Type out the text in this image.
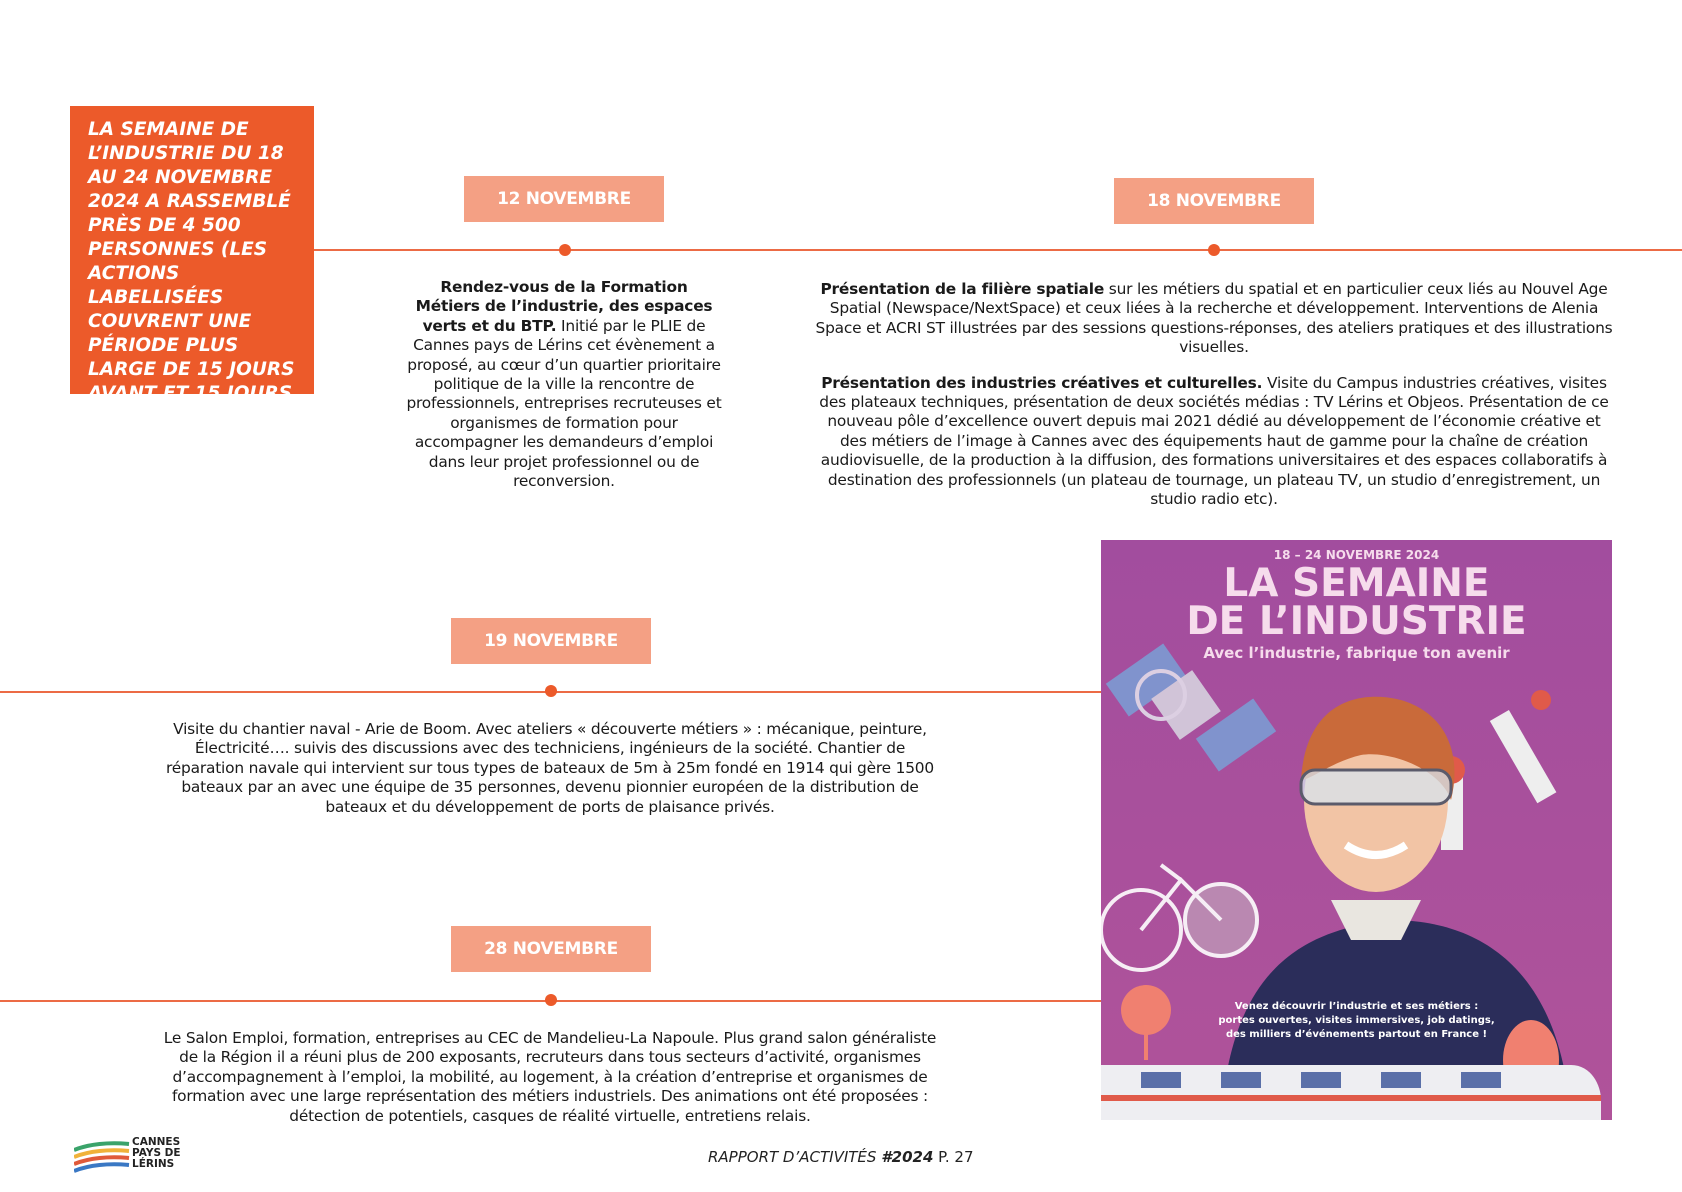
LA SEMAINE DE L’INDUSTRIE DU 18 AU 24 NOVEMBRE 2024 A RASSEMBLÉ PRÈS DE 4 500 PERSONNES (LES ACTIONS LABELLISÉES COUVRENT UNE PÉRIODE PLUS LARGE DE 15 JOURS AVANT ET 15 JOURS APRÈS)
12 NOVEMBRE

Rendez-vous de la Formation Métiers de l’industrie, des espaces verts et du BTP. Initié par le PLIE de Cannes pays de Lérins cet évènement a proposé, au cœur d’un quartier prioritaire politique de la ville la rencontre de professionnels, entreprises recruteuses et organismes de formation pour accompagner les demandeurs d’emploi dans leur projet professionnel ou de reconversion.

18 NOVEMBRE

Présentation de la filière spatiale sur les métiers du spatial et en particulier ceux liés au Nouvel Age Spatial (Newspace/NextSpace) et ceux liées à la recherche et développement. Interventions de Alenia Space et ACRI ST illustrées par des sessions questions-réponses, des ateliers pratiques et des illustrations visuelles.

Présentation des industries créatives et culturelles. Visite du Campus industries créatives, visites des plateaux techniques, présentation de deux sociétés médias : TV Lérins et Objeos. Présentation de ce nouveau pôle d’excellence ouvert depuis mai 2021 dédié au développement de l’économie créative et des métiers de l’image à Cannes avec des équipements haut de gamme pour la chaîne de création audiovisuelle, de la production à la diffusion, des formations universitaires et des espaces collaboratifs à destination des professionnels (un plateau de tournage, un plateau TV, un studio d’enregistrement, un studio radio etc).

19 NOVEMBRE

Visite du chantier naval - Arie de Boom. Avec ateliers « découverte métiers » : mécanique, peinture, Électricité…. suivis des discussions avec des techniciens, ingénieurs de la société. Chantier de réparation navale qui intervient sur tous types de bateaux de 5m à 25m fondé en 1914 qui gère 1500 bateaux par an avec une équipe de 35 personnes, devenu pionnier européen de la distribution de bateaux et du développement de ports de plaisance privés.

28 NOVEMBRE

Le Salon Emploi, formation, entreprises au CEC de Mandelieu-La Napoule. Plus grand salon généraliste de la Région il a réuni plus de 200 exposants, recruteurs dans tous secteurs d’activité, organismes d’accompagnement à l’emploi, la mobilité, au logement, à la création d’entreprise et organismes de formation avec une large représentation des métiers industriels. Des animations ont été proposées : détection de potentiels, casques de réalité virtuelle, entretiens relais.

18 – 24 NOVEMBRE 2024
LA SEMAINE
DE L’INDUSTRIE
Avec l’industrie, fabrique ton avenir
Venez découvrir l’industrie et ses métiers :
portes ouvertes, visites immersives, job datings,
des milliers d’événements partout en France !
CANNES
PAYS DE
LÉRINS	RAPPORT D’ACTIVITÉS #2024 P. 27
